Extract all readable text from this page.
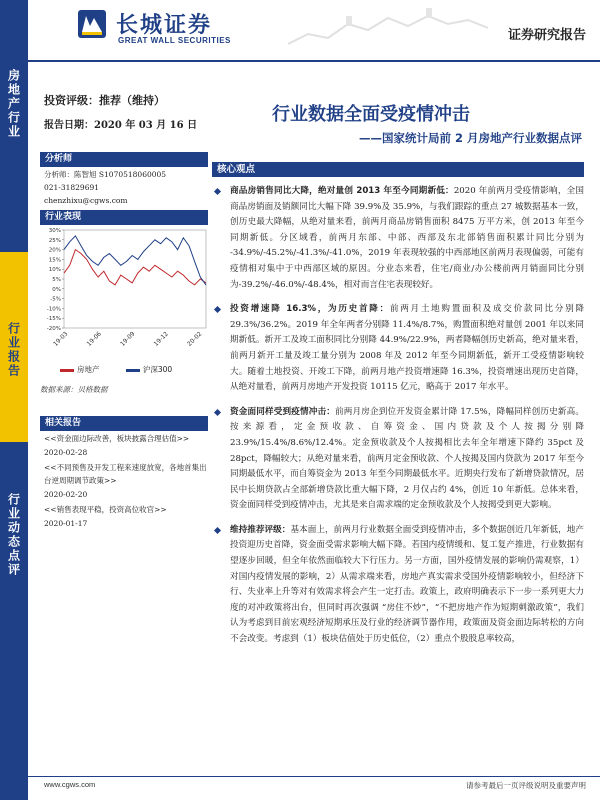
房地产行业
行业报告
行业动态点评
长城证券
GREAT WALL SECURITIES	证券研究报告
投资评级：推荐（维持）
报告日期：2020 年 03 月 16 日
分析师
分析师：陈智旭 S1070518060005
021-31829691
chenzhixu@cgws.com
行业表现
30%
25%
20%
15%
10%
5%
0%
-5%
-10%
-15%
-20%
19-03	19-06	19-09	19-12	20-02
房地产	沪深300
数据来源：贝格数据
相关报告
<<资金面边际改善，板块披露合理估值>>
2020-02-28
<<不同预售及开发工程来速度放宽，各地首集出台逆周期调节政策>>
2020-02-20
<<销售表现平稳，投资高位收官>>
2020-01-17
行业数据全面受疫情冲击
——国家统计局前 2 月房地产行业数据点评
核心观点
商品房销售同比大降，绝对量创 2013 年至今同期新低：2020 年前两月受疫情影响，全国商品房销面及销额同比大幅下降 39.9%及 35.9%，与我们跟踪的重点 27 城数据基本一致，创历史最大降幅，从绝对量来看，前两月商品房销售面积 8475 万平方米，创 2013 年至今同期新低。分区域看，前两月东部、中部、西部及东北部销售面积累计同比分别为 -34.9%/-45.2%/-41.3%/-41.0%，2019 年表现较强的中西部地区前两月表现偏弱，可能有疫情相对集中于中西部区域的原因。分业态来看，住宅/商业/办公楼前两月销面同比分别为-39.2%/-46.0%/-48.4%，相对而言住宅表现较好。
投资增速降 16.3%，为历史首降：前两月土地购置面积及成交价款同比分别降 29.3%/36.2%。2019 年全年两者分别降 11.4%/8.7%，购置面积绝对量创 2001 年以来同期新低。新开工及竣工面积同比分别降 44.9%/22.9%，两者降幅创历史新高，绝对量来看，前两月新开工量及竣工量分别为 2008 年及 2012 年至今同期新低，新开工受疫情影响较大。随着土地投资、开竣工下降，前两月地产投资增速降 16.3%，投资增速出现历史首降，从绝对量看，前两月房地产开发投资 10115 亿元，略高于 2017 年水平。
资金面同样受到疫情冲击：前两月房企到位开发资金累计降 17.5%，降幅同样创历史新高。按来源看，定金预收款、自筹资金、国内贷款及个人按揭分别降 23.9%/15.4%/8.6%/12.4%。定金预收款及个人按揭相比去年全年增速下降约 35pct 及 28pct，降幅较大；从绝对量来看，前两月定金预收款、个人按揭及国内贷款为 2017 年至今同期最低水平，而自筹资金为 2013 年至今同期最低水平。近期央行发布了新增贷款情况，居民中长期贷款占全部新增贷款比重大幅下降，2 月仅占约 4%，创近 10 年新低。总体来看，资金面同样受到疫情冲击，尤其是来自需求端的定金预收款及个人按揭受到更大影响。
维持推荐评级：基本面上，前两月行业数据全面受到疫情冲击，多个数据创近几年新低，地产投资迎历史首降，资金面受需求影响大幅下降。若国内疫情缓和、复工复产推进，行业数据有望逐步回暖，但全年依然面临较大下行压力。另一方面，国外疫情发展的影响仍需观察，1）对国内疫情发展的影响，2）从需求端来看，房地产真实需求受国外疫情影响较小，但经济下行、失业率上升等对有效需求将会产生一定打击。政策上，政府明确表示下一步一系列更大力度的对冲政策将出台，但同时再次强调 “房住不炒”，“不把房地产作为短期刺激政策”，我们认为考虑到目前宏观经济短期承压及行业的经济调节器作用，政策面及资金面边际转松的方向不会改变。考虑到（1）板块估值处于历史低位，（2）重点个股股息率较高，
www.cgws.com	请参考最后一页评级说明及重要声明
